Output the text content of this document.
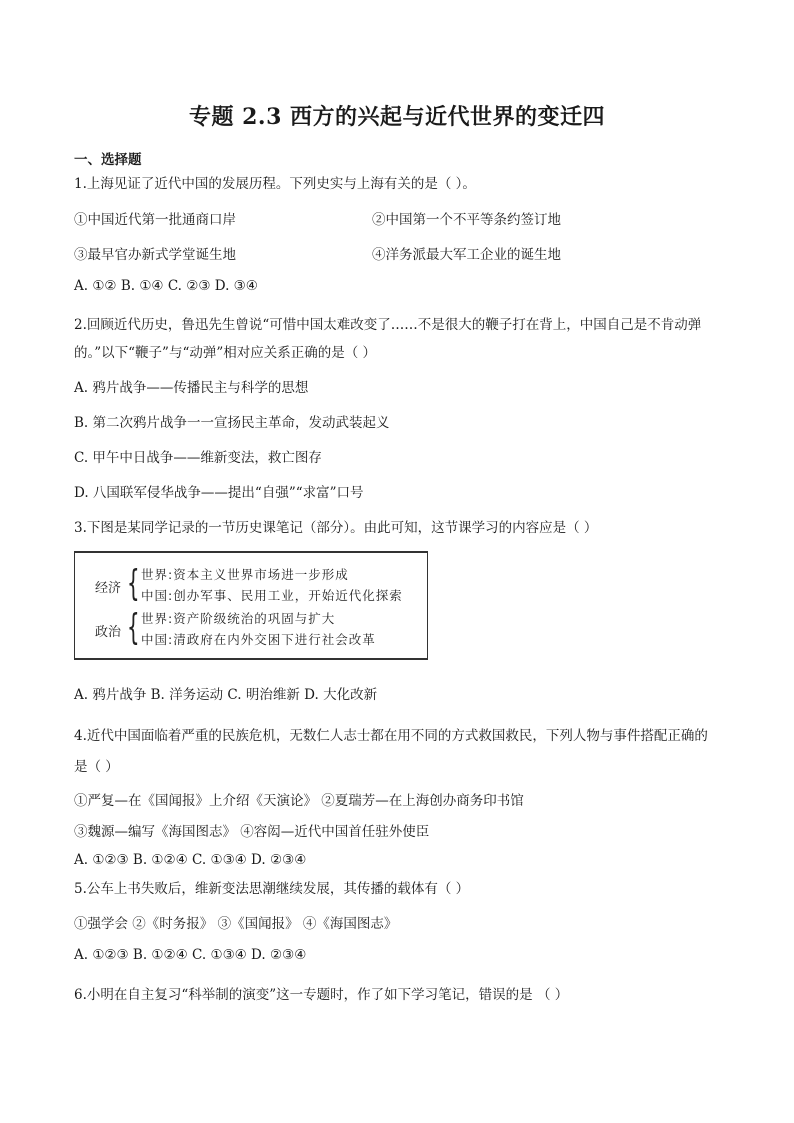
专题 2.3 西方的兴起与近代世界的变迁四
一、选择题
1.上海见证了近代中国的发展历程。下列史实与上海有关的是（ ）。
①中国近代第一批通商口岸	②中国第一个不平等条约签订地
③最早官办新式学堂诞生地	④洋务派最大军工企业的诞生地
A. ①② B. ①④ C. ②③ D. ③④
2.回顾近代历史，鲁迅先生曾说“可惜中国太难改变了……不是很大的鞭子打在背上，中国自己是不肯动弹
的。”以下“鞭子”与“动弹”相对应关系正确的是（ ）
A. 鸦片战争——传播民主与科学的思想
B. 第二次鸦片战争一一宣扬民主革命，发动武装起义
C. 甲午中日战争——维新变法，救亡图存
D. 八国联军侵华战争——提出“自强”“求富”口号
3.下图是某同学记录的一节历史课笔记（部分）。由此可知，这节课学习的内容应是（ ）
经济 { 世界:资本主义世界市场进一步形成
中国:创办军事、民用工业，开始近代化探索
政治 { 世界:资产阶级统治的巩固与扩大
中国:清政府在内外交困下进行社会改革
A. 鸦片战争 B. 洋务运动 C. 明治维新 D. 大化改新
4.近代中国面临着严重的民族危机，无数仁人志士都在用不同的方式救国救民，下列人物与事件搭配正确的
是（ ）
①严复—在《国闻报》上介绍《天演论》 ②夏瑞芳—在上海创办商务印书馆
③魏源—编写《海国图志》 ④容闳—近代中国首任驻外使臣
A. ①②③ B. ①②④ C. ①③④ D. ②③④
5.公车上书失败后，维新变法思潮继续发展，其传播的载体有（ ）
①强学会 ②《时务报》 ③《国闻报》 ④《海国图志》
A. ①②③ B. ①②④ C. ①③④ D. ②③④
6.小明在自主复习“科举制的演变”这一专题时，作了如下学习笔记，错误的是 （ ）
